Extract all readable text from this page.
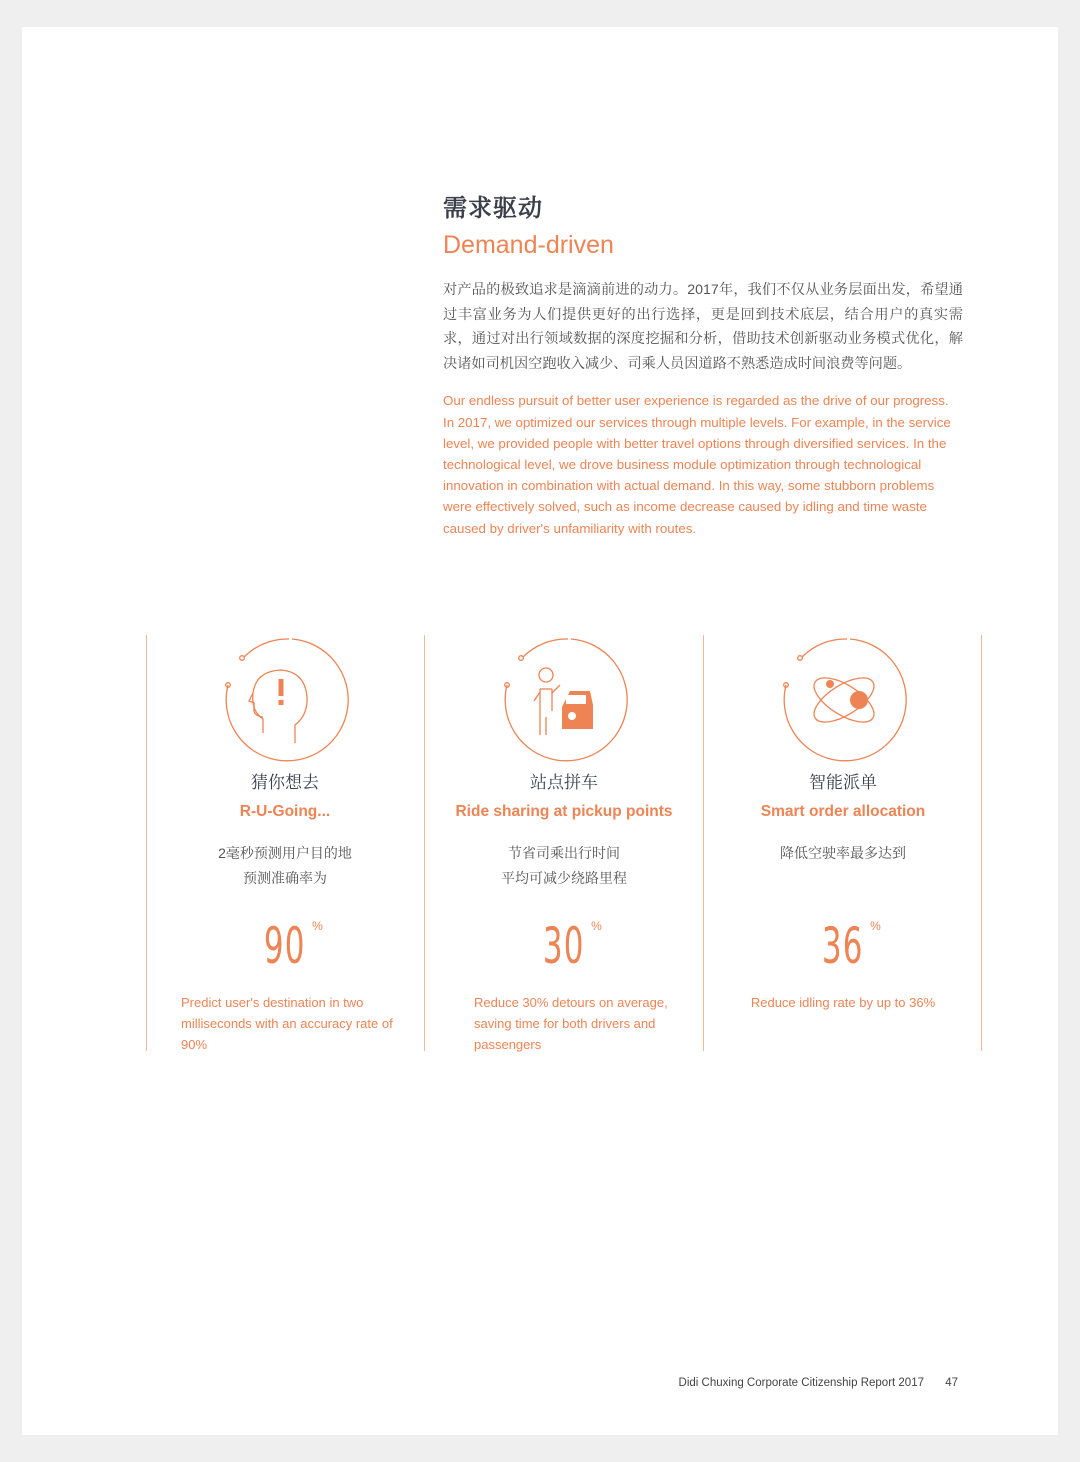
需求驱动
Demand-driven

对产品的极致追求是滴滴前进的动力。2017年，我们不仅从业务层面出发，希望通过丰富业务为人们提供更好的出行选择，更是回到技术底层，结合用户的真实需求，通过对出行领域数据的深度挖掘和分析，借助技术创新驱动业务模式优化，解决诸如司机因空跑收入减少、司乘人员因道路不熟悉造成时间浪费等问题。

Our endless pursuit of better user experience is regarded as the drive of our progress. In 2017, we optimized our services through multiple levels. For example, in the service level, we provided people with better travel options through diversified services. In the technological level, we drove business module optimization through technological innovation in combination with actual demand. In this way, some stubborn problems were effectively solved, such as income decrease caused by idling and time waste caused by driver's unfamiliarity with routes.

猜你想去
R-U-Going...
2毫秒预测用户目的地
预测准确率为
90 %
Predict user's destination in two milliseconds with an accuracy rate of 90%
站点拼车
Ride sharing at pickup points
节省司乘出行时间
平均可减少绕路里程
30 %
Reduce 30% detours on average, saving time for both drivers and passengers
智能派单
Smart order allocation
降低空驶率最多达到
36 %
Reduce idling rate by up to 36%
Didi Chuxing Corporate Citizenship Report 2017 47
